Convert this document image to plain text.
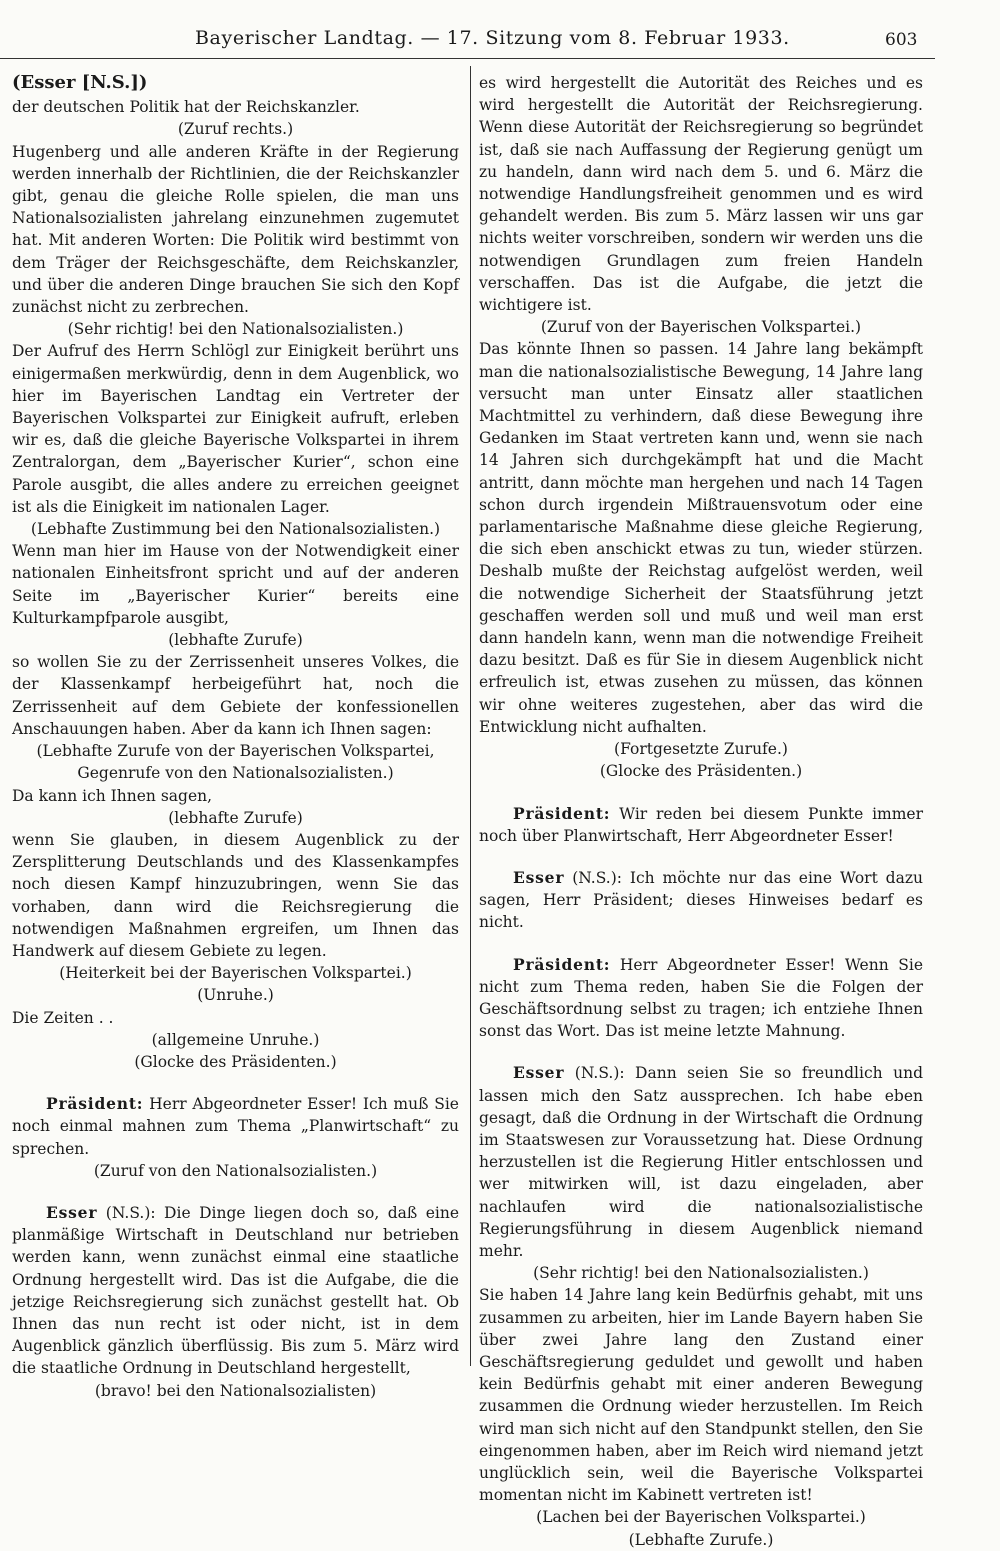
Bayerischer Landtag. — 17. Sitzung vom 8. Februar 1933.	603

(Esser [N.S.])

der deutschen Politik hat der Reichskanzler.

(Zuruf rechts.)

Hugenberg und alle anderen Kräfte in der Regierung werden innerhalb der Richtlinien, die der Reichskanzler gibt, genau die gleiche Rolle spielen, die man uns Nationalsozialisten jahrelang einzunehmen zugemutet hat. Mit anderen Worten: Die Politik wird bestimmt von dem Träger der Reichsgeschäfte, dem Reichskanzler, und über die anderen Dinge brauchen Sie sich den Kopf zunächst nicht zu zerbrechen.

(Sehr richtig! bei den Nationalsozialisten.)

Der Aufruf des Herrn Schlögl zur Einigkeit berührt uns einigermaßen merkwürdig, denn in dem Augenblick, wo hier im Bayerischen Landtag ein Vertreter der Bayerischen Volkspartei zur Einigkeit aufruft, erleben wir es, daß die gleiche Bayerische Volkspartei in ihrem Zentralorgan, dem „Bayerischer Kurier“, schon eine Parole ausgibt, die alles andere zu erreichen geeignet ist als die Einigkeit im nationalen Lager.

(Lebhafte Zustimmung bei den Nationalsozialisten.)

Wenn man hier im Hause von der Notwendigkeit einer nationalen Einheitsfront spricht und auf der anderen Seite im „Bayerischer Kurier“ bereits eine Kulturkampfparole ausgibt,

(lebhafte Zurufe)

so wollen Sie zu der Zerrissenheit unseres Volkes, die der Klassenkampf herbeigeführt hat, noch die Zerrissenheit auf dem Gebiete der konfessionellen Anschauungen haben. Aber da kann ich Ihnen sagen:

(Lebhafte Zurufe von der Bayerischen Volkspartei,

Gegenrufe von den Nationalsozialisten.)

Da kann ich Ihnen sagen,

(lebhafte Zurufe)

wenn Sie glauben, in diesem Augenblick zu der Zersplitterung Deutschlands und des Klassenkampfes noch diesen Kampf hinzuzubringen, wenn Sie das vorhaben, dann wird die Reichsregierung die notwendigen Maßnahmen ergreifen, um Ihnen das Handwerk auf diesem Gebiete zu legen.

(Heiterkeit bei der Bayerischen Volkspartei.)

(Unruhe.)

Die Zeiten . .

(allgemeine Unruhe.)

(Glocke des Präsidenten.)

Präsident: Herr Abgeordneter Esser! Ich muß Sie noch einmal mahnen zum Thema „Planwirtschaft“ zu sprechen.

(Zuruf von den Nationalsozialisten.)

Esser (N.S.): Die Dinge liegen doch so, daß eine planmäßige Wirtschaft in Deutschland nur betrieben werden kann, wenn zunächst einmal eine staatliche Ordnung hergestellt wird. Das ist die Aufgabe, die die jetzige Reichsregierung sich zunächst gestellt hat. Ob Ihnen das nun recht ist oder nicht, ist in dem Augenblick gänzlich überflüssig. Bis zum 5. März wird die staatliche Ordnung in Deutschland hergestellt,

(bravo! bei den Nationalsozialisten)

es wird hergestellt die Autorität des Reiches und es wird hergestellt die Autorität der Reichsregierung. Wenn diese Autorität der Reichsregierung so begründet ist, daß sie nach Auffassung der Regierung genügt um zu handeln, dann wird nach dem 5. und 6. März die notwendige Handlungsfreiheit genommen und es wird gehandelt werden. Bis zum 5. März lassen wir uns gar nichts weiter vorschreiben, sondern wir werden uns die notwendigen Grundlagen zum freien Handeln verschaffen. Das ist die Aufgabe, die jetzt die wichtigere ist.

(Zuruf von der Bayerischen Volkspartei.)

Das könnte Ihnen so passen. 14 Jahre lang bekämpft man die nationalsozialistische Bewegung, 14 Jahre lang versucht man unter Einsatz aller staatlichen Machtmittel zu verhindern, daß diese Bewegung ihre Gedanken im Staat vertreten kann und, wenn sie nach 14 Jahren sich durchgekämpft hat und die Macht antritt, dann möchte man hergehen und nach 14 Tagen schon durch irgendein Mißtrauensvotum oder eine parlamentarische Maßnahme diese gleiche Regierung, die sich eben anschickt etwas zu tun, wieder stürzen. Deshalb mußte der Reichstag aufgelöst werden, weil die notwendige Sicherheit der Staatsführung jetzt geschaffen werden soll und muß und weil man erst dann handeln kann, wenn man die notwendige Freiheit dazu besitzt. Daß es für Sie in diesem Augenblick nicht erfreulich ist, etwas zusehen zu müssen, das können wir ohne weiteres zugestehen, aber das wird die Entwicklung nicht aufhalten.

(Fortgesetzte Zurufe.)

(Glocke des Präsidenten.)

Präsident: Wir reden bei diesem Punkte immer noch über Planwirtschaft, Herr Abgeordneter Esser!

Esser (N.S.): Ich möchte nur das eine Wort dazu sagen, Herr Präsident; dieses Hinweises bedarf es nicht.

Präsident: Herr Abgeordneter Esser! Wenn Sie nicht zum Thema reden, haben Sie die Folgen der Geschäftsordnung selbst zu tragen; ich entziehe Ihnen sonst das Wort. Das ist meine letzte Mahnung.

Esser (N.S.): Dann seien Sie so freundlich und lassen mich den Satz aussprechen. Ich habe eben gesagt, daß die Ordnung in der Wirtschaft die Ordnung im Staatswesen zur Voraussetzung hat. Diese Ordnung herzustellen ist die Regierung Hitler entschlossen und wer mitwirken will, ist dazu eingeladen, aber nachlaufen wird die nationalsozialistische Regierungsführung in diesem Augenblick niemand mehr.

(Sehr richtig! bei den Nationalsozialisten.)

Sie haben 14 Jahre lang kein Bedürfnis gehabt, mit uns zusammen zu arbeiten, hier im Lande Bayern haben Sie über zwei Jahre lang den Zustand einer Geschäftsregierung geduldet und gewollt und haben kein Bedürfnis gehabt mit einer anderen Bewegung zusammen die Ordnung wieder herzustellen. Im Reich wird man sich nicht auf den Standpunkt stellen, den Sie eingenommen haben, aber im Reich wird niemand jetzt unglücklich sein, weil die Bayerische Volkspartei momentan nicht im Kabinett vertreten ist!

(Lachen bei der Bayerischen Volkspartei.)

(Lebhafte Zurufe.)
